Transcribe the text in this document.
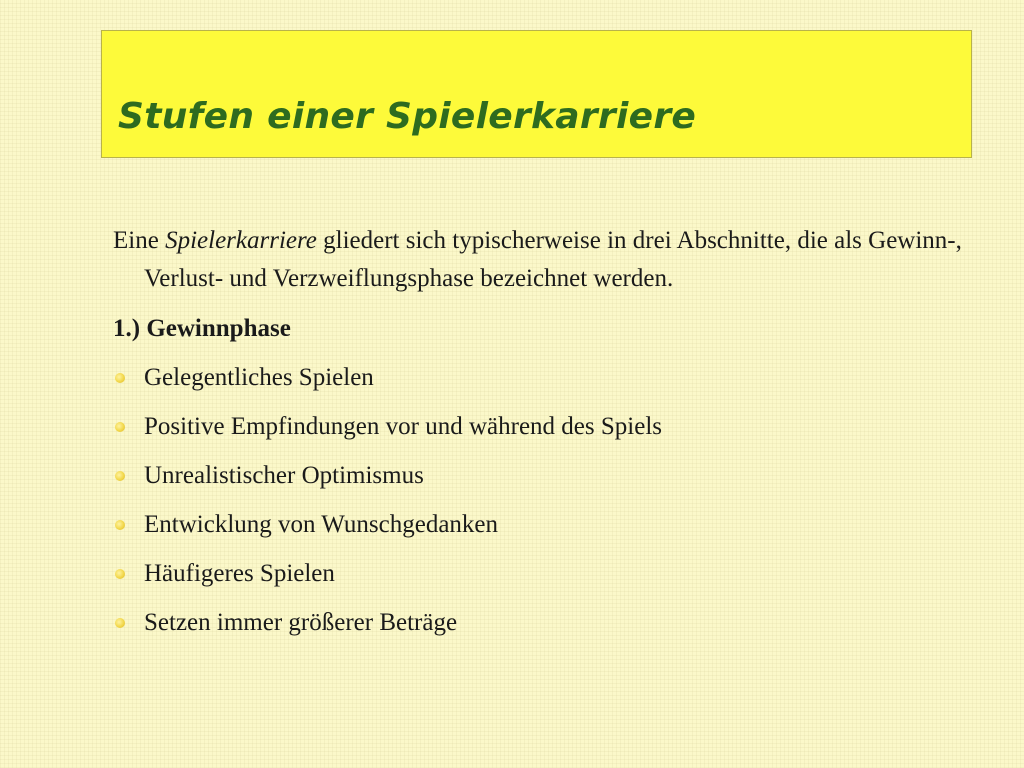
Stufen einer Spielerkarriere

Eine Spielerkarriere gliedert sich typischerweise in drei Abschnitte, die als Gewinn-, Verlust- und Verzweiflungsphase bezeichnet werden.

1.) Gewinnphase

Gelegentliches Spielen
Positive Empfindungen vor und während des Spiels
Unrealistischer Optimismus
Entwicklung von Wunschgedanken
Häufigeres Spielen
Setzen immer größerer Beträge
